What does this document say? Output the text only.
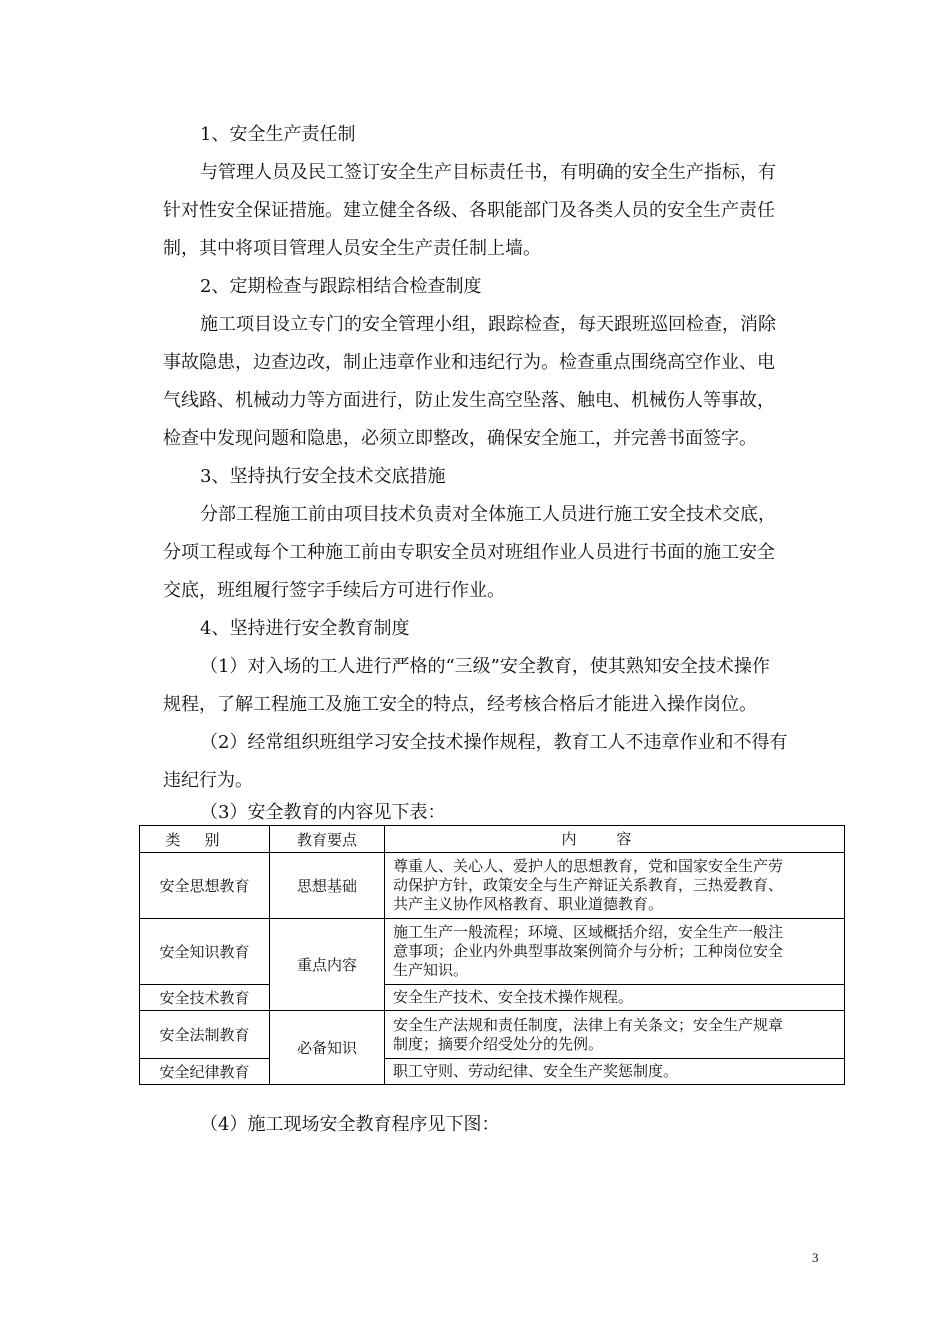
1、安全生产责任制
与管理人员及民工签订安全生产目标责任书，有明确的安全生产指标，有
针对性安全保证措施。建立健全各级、各职能部门及各类人员的安全生产责任
制，其中将项目管理人员安全生产责任制上墙。
2、定期检查与跟踪相结合检查制度
施工项目设立专门的安全管理小组，跟踪检查，每天跟班巡回检查，消除
事故隐患，边查边改，制止违章作业和违纪行为。检查重点围绕高空作业、电
气线路、机械动力等方面进行，防止发生高空坠落、触电、机械伤人等事故，
检查中发现问题和隐患，必须立即整改，确保安全施工，并完善书面签字。
3、坚持执行安全技术交底措施
分部工程施工前由项目技术负责对全体施工人员进行施工安全技术交底，
分项工程或每个工种施工前由专职安全员对班组作业人员进行书面的施工安全
交底，班组履行签字手续后方可进行作业。
4、坚持进行安全教育制度
（1）对入场的工人进行严格的“三级”安全教育，使其熟知安全技术操作
规程，了解工程施工及施工安全的特点，经考核合格后才能进入操作岗位。
（2）经常组织班组学习安全技术操作规程，教育工人不违章作业和不得有
违纪行为。
（3）安全教育的内容见下表：
类别	教育要点	内容
安全思想教育	思想基础	尊重人、关心人、爱护人的思想教育，党和国家安全生产劳
动保护方针，政策安全与生产辩证关系教育，三热爱教育、
共产主义协作风格教育、职业道德教育。

安全知识教育	重点内容	施工生产一般流程；环境、区域概括介绍，安全生产一般注
意事项；企业内外典型事故案例简介与分析；工种岗位安全
生产知识。

安全技术教育		安全生产技术、安全技术操作规程。

安全法制教育	必备知识	安全生产法规和责任制度，法律上有关条文；安全生产规章
制度；摘要介绍受处分的先例。

安全纪律教育		职工守则、劳动纪律、安全生产奖惩制度。
（4）施工现场安全教育程序见下图：
3
